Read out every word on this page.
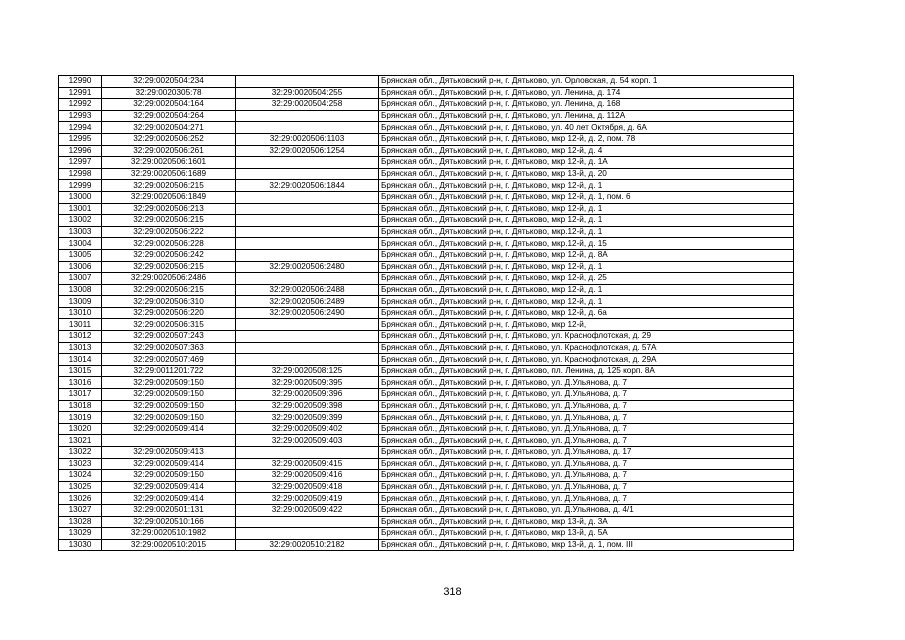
12990	32:29:0020504:234		Брянская обл., Дятьковский р-н, г. Дятьково, ул. Орловская, д. 54 корп. 1
12991	32:29:0020305:78	32:29:0020504:255	Брянская обл., Дятьковский р-н, г. Дятьково, ул. Ленина, д. 174
12992	32:29:0020504:164	32:29:0020504:258	Брянская обл., Дятьковский р-н, г. Дятьково, ул. Ленина, д. 168
12993	32:29:0020504:264		Брянская обл., Дятьковский р-н, г. Дятьково, ул. Ленина, д. 112А
12994	32:29:0020504:271		Брянская обл., Дятьковский р-н, г. Дятьково, ул. 40 лет Октября, д. 6А
12995	32:29:0020506:252	32:29:0020506:1103	Брянская обл., Дятьковский р-н, г. Дятьково, мкр 12-й, д. 2, пом. 78
12996	32:29:0020506:261	32:29:0020506:1254	Брянская обл., Дятьковский р-н, г. Дятьково, мкр 12-й, д. 4
12997	32:29:0020506:1601		Брянская обл., Дятьковский р-н, г. Дятьково, мкр 12-й, д. 1А
12998	32:29:0020506:1689		Брянская обл., Дятьковский р-н, г. Дятьково, мкр 13-й, д. 20
12999	32:29:0020506:215	32:29:0020506:1844	Брянская обл., Дятьковский р-н, г. Дятьково, мкр 12-й, д. 1
13000	32:29:0020506:1849		Брянская обл., Дятьковский р-н, г. Дятьково, мкр 12-й, д. 1, пом. 6
13001	32:29:0020506:213		Брянская обл., Дятьковский р-н, г. Дятьково, мкр 12-й, д. 1
13002	32:29:0020506:215		Брянская обл., Дятьковский р-н, г. Дятьково, мкр 12-й, д. 1
13003	32:29:0020506:222		Брянская обл., Дятьковский р-н, г. Дятьково, мкр.12-й, д. 1
13004	32:29:0020506:228		Брянская обл., Дятьковский р-н, г. Дятьково, мкр.12-й, д. 15
13005	32:29:0020506:242		Брянская обл., Дятьковский р-н, г. Дятьково, мкр 12-й, д. 8А
13006	32:29:0020506:215	32:29:0020506:2480	Брянская обл., Дятьковский р-н, г. Дятьково, мкр 12-й, д. 1
13007	32:29:0020506:2486		Брянская обл., Дятьковский р-н, г. Дятьково, мкр 12-й, д. 25
13008	32:29:0020506:215	32:29:0020506:2488	Брянская обл., Дятьковский р-н, г. Дятьково, мкр 12-й, д. 1
13009	32:29:0020506:310	32:29:0020506:2489	Брянская обл., Дятьковский р-н, г. Дятьково, мкр 12-й, д. 1
13010	32:29:0020506:220	32:29:0020506:2490	Брянская обл., Дятьковский р-н, г. Дятьково, мкр 12-й, д. 6а
13011	32:29:0020506:315		Брянская обл., Дятьковский р-н, г. Дятьково, мкр 12-й,
13012	32:29:0020507:243		Брянская обл., Дятьковский р-н, г. Дятьково, ул. Краснофлотская, д. 29
13013	32:29:0020507:363		Брянская обл., Дятьковский р-н, г. Дятьково, ул. Краснофлотская, д. 57А
13014	32:29:0020507:469		Брянская обл., Дятьковский р-н, г. Дятьково, ул. Краснофлотская, д. 29А
13015	32:29:0011201:722	32:29:0020508:125	Брянская обл., Дятьковский р-н, г. Дятьково, пл. Ленина, д. 125 корп. 8А
13016	32:29:0020509:150	32:29:0020509:395	Брянская обл., Дятьковский р-н, г. Дятьково, ул. Д.Ульянова, д. 7
13017	32:29:0020509:150	32:29:0020509:396	Брянская обл., Дятьковский р-н, г. Дятьково, ул. Д.Ульянова, д. 7
13018	32:29:0020509:150	32:29:0020509:398	Брянская обл., Дятьковский р-н, г. Дятьково, ул. Д.Ульянова, д. 7
13019	32:29:0020509:150	32:29:0020509:399	Брянская обл., Дятьковский р-н, г. Дятьково, ул. Д.Ульянова, д. 7
13020	32:29:0020509:414	32:29:0020509:402	Брянская обл., Дятьковский р-н, г. Дятьково, ул. Д.Ульянова, д. 7
13021		32:29:0020509:403	Брянская обл., Дятьковский р-н, г. Дятьково, ул. Д.Ульянова, д. 7
13022	32:29:0020509:413		Брянская обл., Дятьковский р-н, г. Дятьково, ул. Д.Ульянова, д. 17
13023	32:29:0020509:414	32:29:0020509:415	Брянская обл., Дятьковский р-н, г. Дятьково, ул. Д.Ульянова, д. 7
13024	32:29:0020509:150	32:29:0020509:416	Брянская обл., Дятьковский р-н, г. Дятьково, ул. Д.Ульянова, д. 7
13025	32:29:0020509:414	32:29:0020509:418	Брянская обл., Дятьковский р-н, г. Дятьково, ул. Д.Ульянова, д. 7
13026	32:29:0020509:414	32:29:0020509:419	Брянская обл., Дятьковский р-н, г. Дятьково, ул. Д.Ульянова, д. 7
13027	32:29:0020501:131	32:29:0020509:422	Брянская обл., Дятьковский р-н, г. Дятьково, ул. Д.Ульянова, д. 4/1
13028	32:29:0020510:166		Брянская обл., Дятьковский р-н, г. Дятьково, мкр 13-й, д. 3А
13029	32:29:0020510:1982		Брянская обл., Дятьковский р-н, г. Дятьково, мкр 13-й, д. 5А
13030	32:29:0020510:2015	32:29:0020510:2182	Брянская обл., Дятьковский р-н, г. Дятьково, мкр 13-й, д. 1, пом. III
318
